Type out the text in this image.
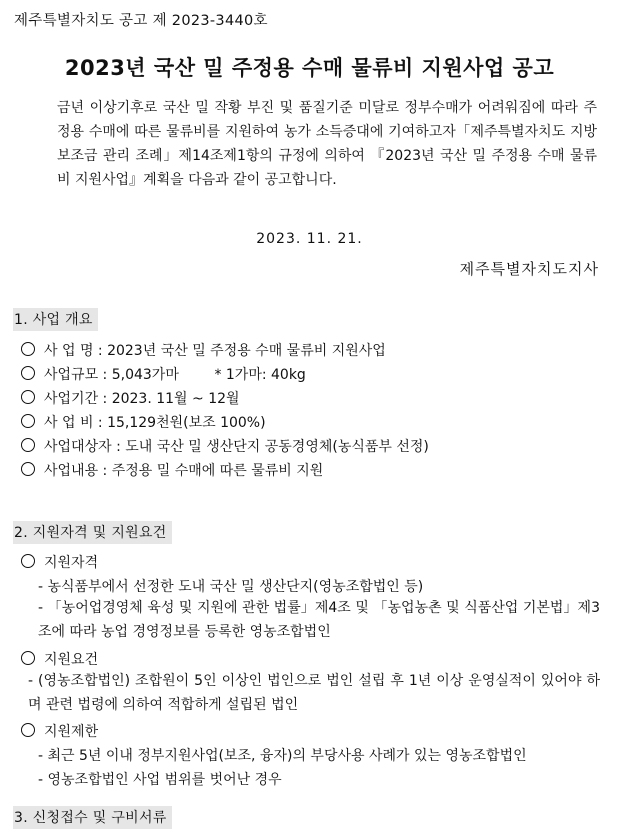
제주특별자치도 공고 제 2023-3440호
2023년 국산 밀 주정용 수매 물류비 지원사업 공고
금년 이상기후로 국산 밀 작황 부진 및 품질기준 미달로 정부수매가 어려워짐에 따라 주정용 수매에 따른 물류비를 지원하여 농가 소득증대에 기여하고자「제주특별자치도 지방보조금 관리 조례」제14조제1항의 규정에 의하여 『2023년 국산 밀 주정용 수매 물류비 지원사업』계획을 다음과 같이 공고합니다.
2023. 11. 21.
제주특별자치도지사
1. 사업 개요
사 업 명 : 2023년 국산 밀 주정용 수매 물류비 지원사업
사업규모 : 5,043가마        * 1가마: 40kg
사업기간 : 2023. 11월 ~ 12월
사 업 비 : 15,129천원(보조 100%)
사업대상자 : 도내 국산 밀 생산단지 공동경영체(농식품부 선정)
사업내용 : 주정용 밀 수매에 따른 물류비 지원
2. 지원자격 및 지원요건
지원자격
- 농식품부에서 선정한 도내 국산 밀 생산단지(영농조합법인 등)
- 「농어업경영체 육성 및 지원에 관한 법률」제4조 및 「농업농촌 및 식품산업 기본법」제3조에 따라 농업 경영정보를 등록한 영농조합법인
지원요건
- (영농조합법인) 조합원이 5인 이상인 법인으로 법인 설립 후 1년 이상 운영실적이 있어야 하며 관련 법령에 의하여 적합하게 설립된 법인
지원제한
- 최근 5년 이내 정부지원사업(보조, 융자)의 부당사용 사례가 있는 영농조합법인
- 영농조합법인 사업 범위를 벗어난 경우
3. 신청접수 및 구비서류
